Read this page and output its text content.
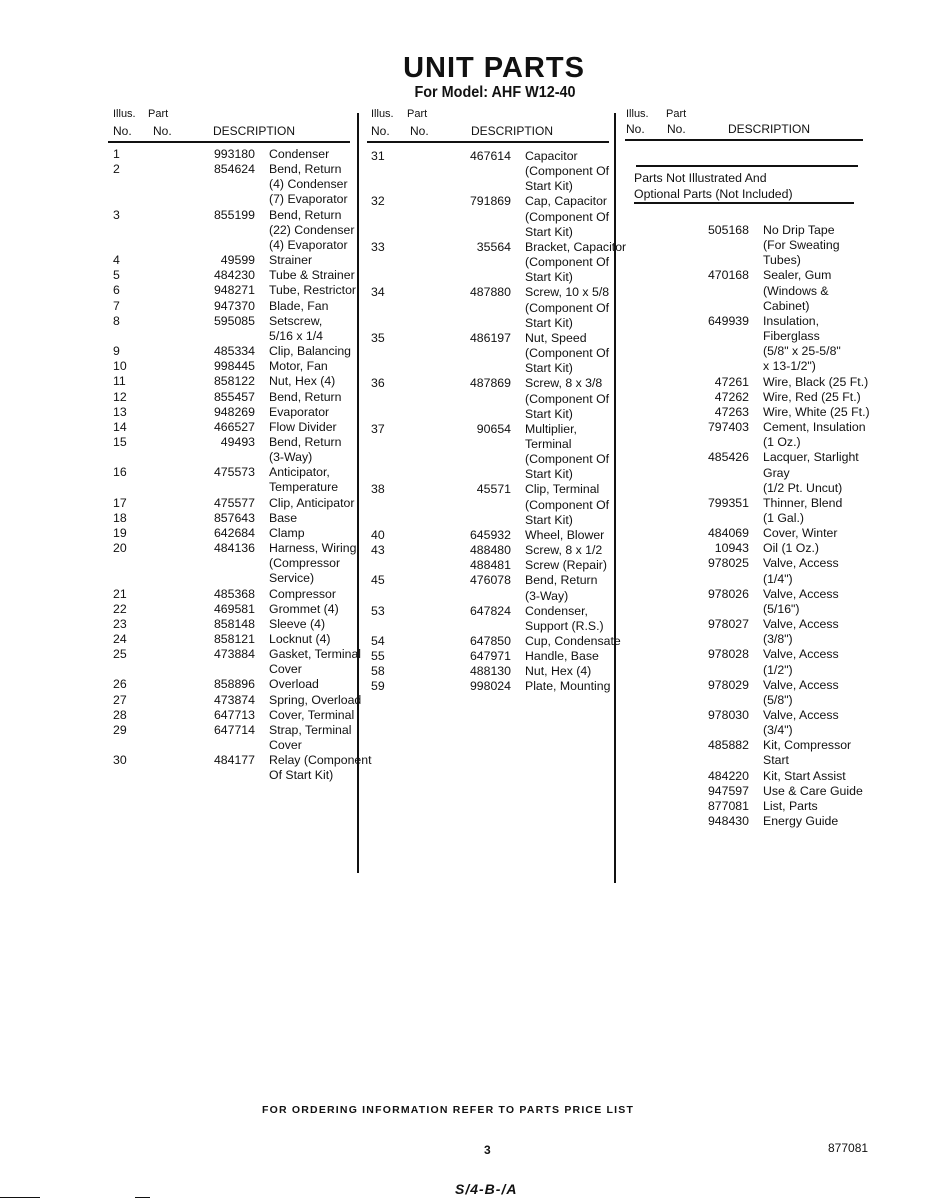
UNIT PARTS
For Model: AHF W12-40
Illus. Part
No. No.	DESCRIPTION
Illus. Part
No. No.	DESCRIPTION
Illus. Part
No. No.	DESCRIPTION
Parts Not Illustrated And
Optional Parts (Not Included)
1	993180	Condenser
2	854624	Bend, Return
(4) Condenser
(7) Evaporator
3	855199	Bend, Return
(22) Condenser
(4) Evaporator
4	49599	Strainer
5	484230	Tube & Strainer
6	948271	Tube, Restrictor
7	947370	Blade, Fan
8	595085	Setscrew,
5/16 x 1/4
9	485334	Clip, Balancing
10	998445	Motor, Fan
11	858122	Nut, Hex (4)
12	855457	Bend, Return
13	948269	Evaporator
14	466527	Flow Divider
15	49493	Bend, Return
(3-Way)
16	475573	Anticipator,
Temperature
17	475577	Clip, Anticipator
18	857643	Base
19	642684	Clamp
20	484136	Harness, Wiring
(Compressor
Service)
21	485368	Compressor
22	469581	Grommet (4)
23	858148	Sleeve (4)
24	858121	Locknut (4)
25	473884	Gasket, Terminal
Cover
26	858896	Overload
27	473874	Spring, Overload
28	647713	Cover, Terminal
29	647714	Strap, Terminal
Cover
30	484177	Relay (Component
Of Start Kit)
31	467614	Capacitor
(Component Of
Start Kit)
32	791869	Cap, Capacitor
(Component Of
Start Kit)
33	35564	Bracket, Capacitor
(Component Of
Start Kit)
34	487880	Screw, 10 x 5/8
(Component Of
Start Kit)
35	486197	Nut, Speed
(Component Of
Start Kit)
36	487869	Screw, 8 x 3/8
(Component Of
Start Kit)
37	90654	Multiplier,
Terminal
(Component Of
Start Kit)
38	45571	Clip, Terminal
(Component Of
Start Kit)
40	645932	Wheel, Blower
43	488480	Screw, 8 x 1/2
488481	Screw (Repair)
45	476078	Bend, Return
(3-Way)
53	647824	Condenser,
Support (R.S.)
54	647850	Cup, Condensate
55	647971	Handle, Base
58	488130	Nut, Hex (4)
59	998024	Plate, Mounting
505168	No Drip Tape
(For Sweating
Tubes)
470168	Sealer, Gum
(Windows &
Cabinet)
649939	Insulation,
Fiberglass
(5/8" x 25-5/8"
x 13-1/2")
47261	Wire, Black (25 Ft.)
47262	Wire, Red (25 Ft.)
47263	Wire, White (25 Ft.)
797403	Cement, Insulation
(1 Oz.)
485426	Lacquer, Starlight
Gray
(1/2 Pt. Uncut)
799351	Thinner, Blend
(1 Gal.)
484069	Cover, Winter
10943	Oil (1 Oz.)
978025	Valve, Access
(1/4")
978026	Valve, Access
(5/16")
978027	Valve, Access
(3/8")
978028	Valve, Access
(1/2")
978029	Valve, Access
(5/8")
978030	Valve, Access
(3/4")
485882	Kit, Compressor
Start
484220	Kit, Start Assist
947597	Use & Care Guide
877081	List, Parts
948430	Energy Guide
FOR ORDERING INFORMATION REFER TO PARTS PRICE LIST
3	877081
S/4-B-/A
